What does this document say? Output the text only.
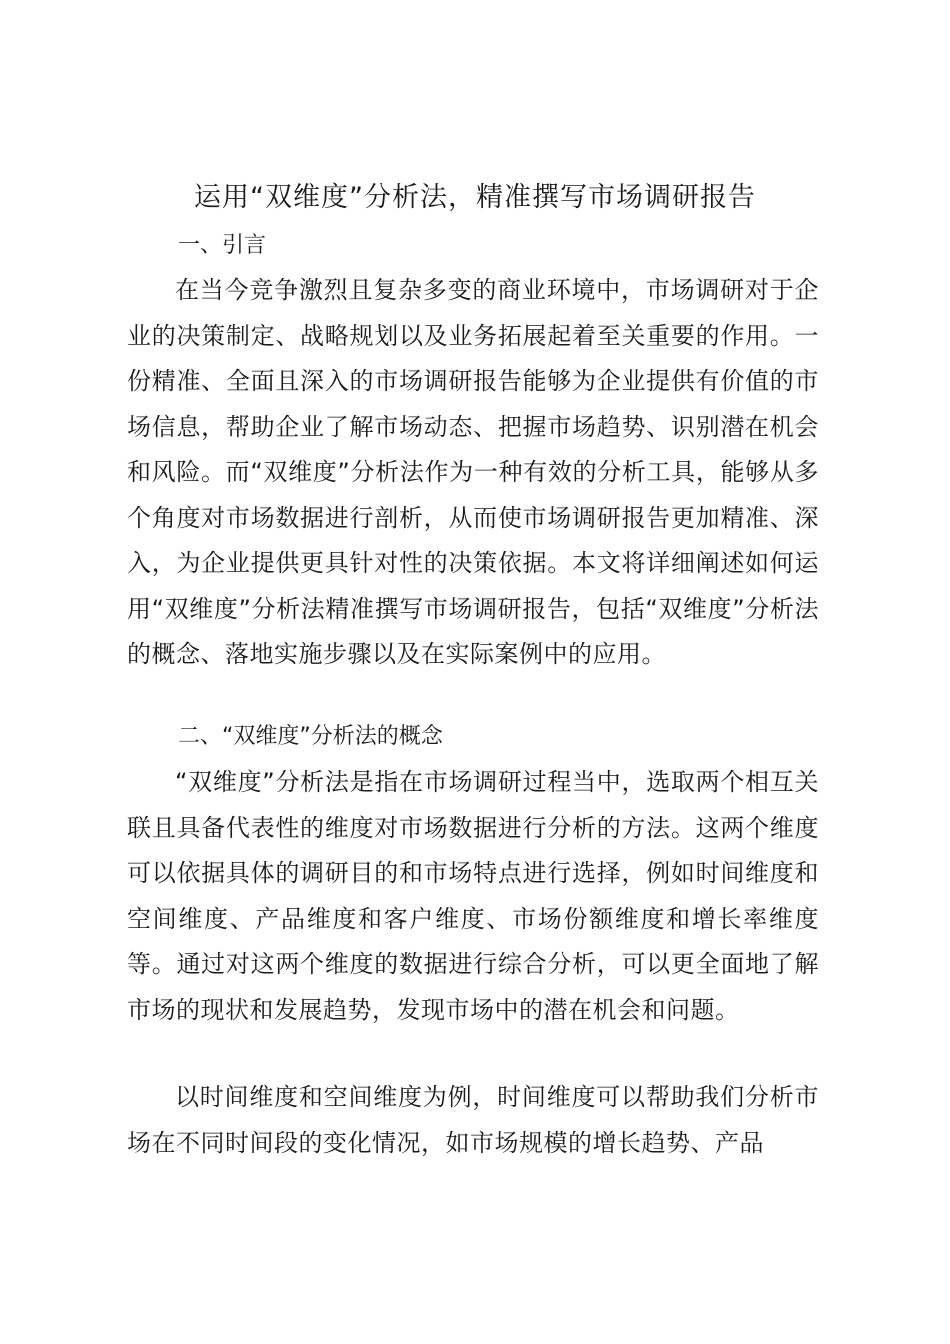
运用“双维度”分析法，精准撰写市场调研报告
一、引言

在当今竞争激烈且复杂多变的商业环境中，市场调研对于企业的决策制定、战略规划以及业务拓展起着至关重要的作用。一份精准、全面且深入的市场调研报告能够为企业提供有价值的市场信息，帮助企业了解市场动态、把握市场趋势、识别潜在机会和风险。而“双维度”分析法作为一种有效的分析工具，能够从多个角度对市场数据进行剖析，从而使市场调研报告更加精准、深入，为企业提供更具针对性的决策依据。本文将详细阐述如何运用“双维度”分析法精准撰写市场调研报告，包括“双维度”分析法的概念、落地实施步骤以及在实际案例中的应用。

二、“双维度”分析法的概念

“双维度”分析法是指在市场调研过程当中，选取两个相互关联且具备代表性的维度对市场数据进行分析的方法。这两个维度可以依据具体的调研目的和市场特点进行选择，例如时间维度和空间维度、产品维度和客户维度、市场份额维度和增长率维度等。通过对这两个维度的数据进行综合分析，可以更全面地了解市场的现状和发展趋势，发现市场中的潜在机会和问题。

以时间维度和空间维度为例，时间维度可以帮助我们分析市场在不同时间段的变化情况，如市场规模的增长趋势、产品
